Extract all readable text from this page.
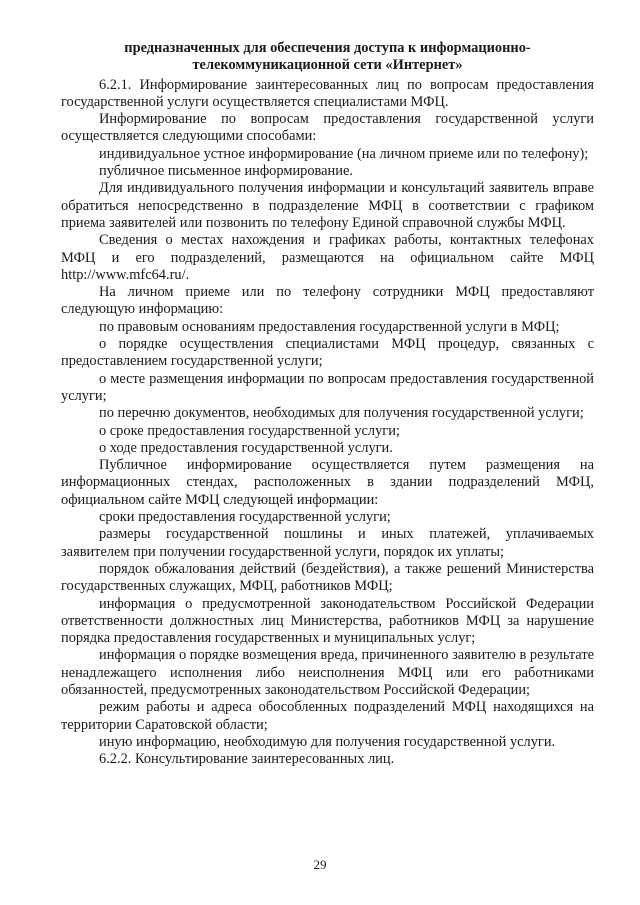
предназначенных для обеспечения доступа к информационно-
телекоммуникационной сети «Интернет»

6.2.1. Информирование заинтересованных лиц по вопросам предоставления государственной услуги осуществляется специалистами МФЦ.

Информирование по вопросам предоставления государственной услуги осуществляется следующими способами:

индивидуальное устное информирование (на личном приеме или по телефону);

публичное письменное информирование.

Для индивидуального получения информации и консультаций заявитель вправе обратиться непосредственно в подразделение МФЦ в соответствии с графиком приема заявителей или позвонить по телефону Единой справочной службы МФЦ.

Сведения о местах нахождения и графиках работы, контактных телефонах МФЦ и его подразделений, размещаются на официальном сайте МФЦ http://www.mfc64.ru/.

На личном приеме или по телефону сотрудники МФЦ предоставляют следующую информацию:

по правовым основаниям предоставления государственной услуги в МФЦ;

о порядке осуществления специалистами МФЦ процедур, связанных с предоставлением государственной услуги;

о месте размещения информации по вопросам предоставления государственной услуги;

по перечню документов, необходимых для получения государственной услуги;

о сроке предоставления государственной услуги;

о ходе предоставления государственной услуги.

Публичное информирование осуществляется путем размещения на информационных стендах, расположенных в здании подразделений МФЦ, официальном сайте МФЦ следующей информации:

сроки предоставления государственной услуги;

размеры государственной пошлины и иных платежей, уплачиваемых заявителем при получении государственной услуги, порядок их уплаты;

порядок обжалования действий (бездействия), а также решений Министерства государственных служащих, МФЦ, работников МФЦ;

информация о предусмотренной законодательством Российской Федерации ответственности должностных лиц Министерства, работников МФЦ за нарушение порядка предоставления государственных и муниципальных услуг;

информация о порядке возмещения вреда, причиненного заявителю в результате ненадлежащего исполнения либо неисполнения МФЦ или его работниками обязанностей, предусмотренных законодательством Российской Федерации;

режим работы и адреса обособленных подразделений МФЦ находящихся на территории Саратовской области;

иную информацию, необходимую для получения государственной услуги.

6.2.2. Консультирование заинтересованных лиц.

29
